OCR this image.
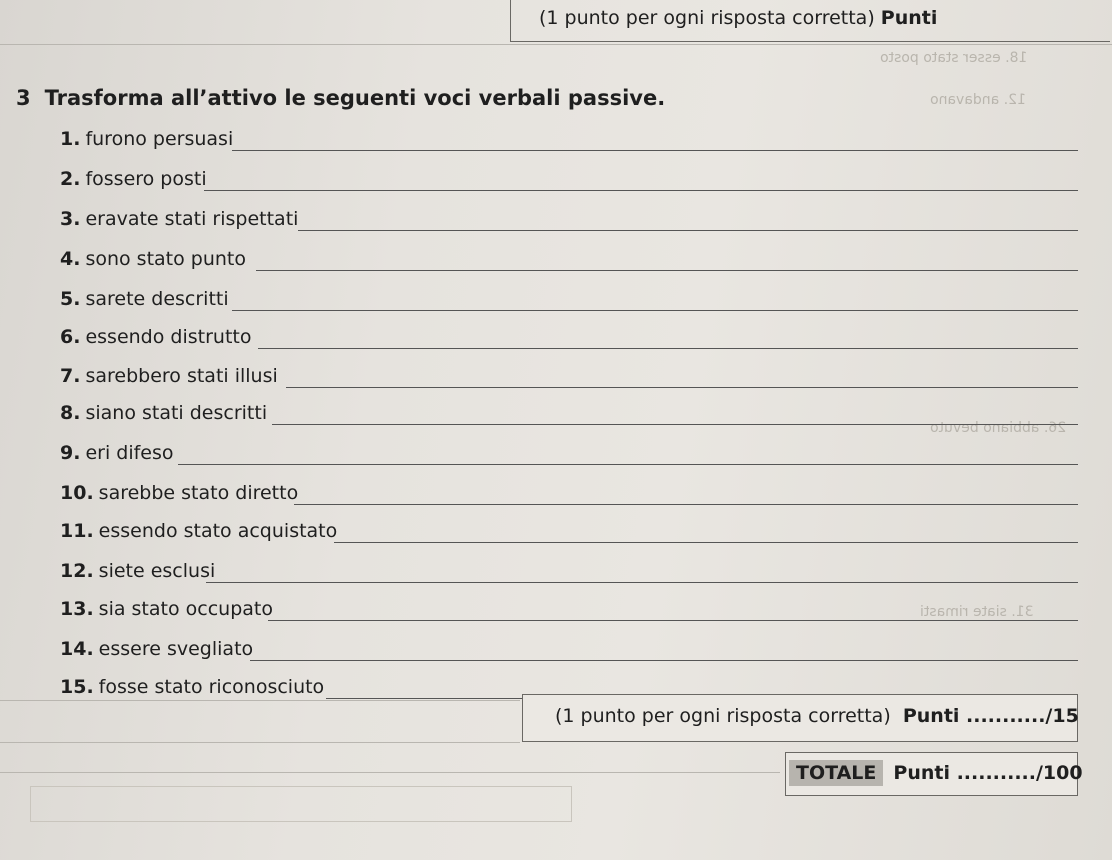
18. esser stato posto
12. andavano
26. abbiano bevuto
31. siate rimasti
(1 punto per ogni risposta corretta) Punti
3 Trasforma all’attivo le seguenti voci verbali passive.
1. furono persuasi
2. fossero posti
3. eravate stati rispettati
4. sono stato punto
5. sarete descritti
6. essendo distrutto
7. sarebbero stati illusi
8. siano stati descritti
9. eri difeso
10. sarebbe stato diretto
11. essendo stato acquistato
12. siete esclusi
13. sia stato occupato
14. essere svegliato
15. fosse stato riconosciuto
(1 punto per ogni risposta corretta) Punti .........../15
TOTALE Punti .........../100
